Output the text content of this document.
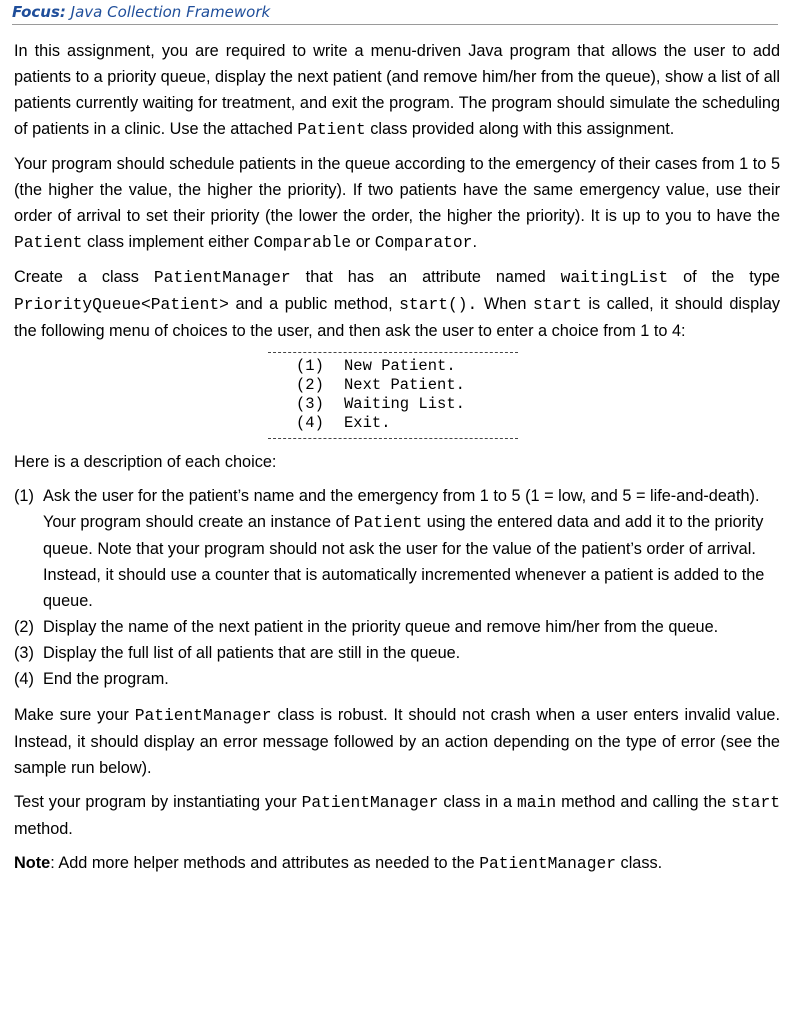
Focus: Java Collection Framework

In this assignment, you are required to write a menu-driven Java program that allows the user to add patients to a priority queue, display the next patient (and remove him/her from the queue), show a list of all patients currently waiting for treatment, and exit the program. The program should simulate the scheduling of patients in a clinic. Use the attached Patient class provided along with this assignment.

Your program should schedule patients in the queue according to the emergency of their cases from 1 to 5 (the higher the value, the higher the priority). If two patients have the same emergency value, use their order of arrival to set their priority (the lower the order, the higher the priority). It is up to you to have the Patient class implement either Comparable or Comparator.

Create a class PatientManager that has an attribute named waitingList of the type PriorityQueue<Patient> and a public method, start(). When start is called, it should display the following menu of choices to the user, and then ask the user to enter a choice from 1 to 4:

(1)	New Patient.
(2)	Next Patient.
(3)	Waiting List.
(4)	Exit.

Here is a description of each choice:

(1) Ask the user for the patient’s name and the emergency from 1 to 5 (1 = low, and 5 = life-and-death). Your program should create an instance of Patient using the entered data and add it to the priority queue. Note that your program should not ask the user for the value of the patient’s order of arrival. Instead, it should use a counter that is automatically incremented whenever a patient is added to the queue.
(2) Display the name of the next patient in the priority queue and remove him/her from the queue.
(3) Display the full list of all patients that are still in the queue.
(4) End the program.

Make sure your PatientManager class is robust. It should not crash when a user enters invalid value. Instead, it should display an error message followed by an action depending on the type of error (see the sample run below).

Test your program by instantiating your PatientManager class in a main method and calling the start method.

Note: Add more helper methods and attributes as needed to the PatientManager class.
